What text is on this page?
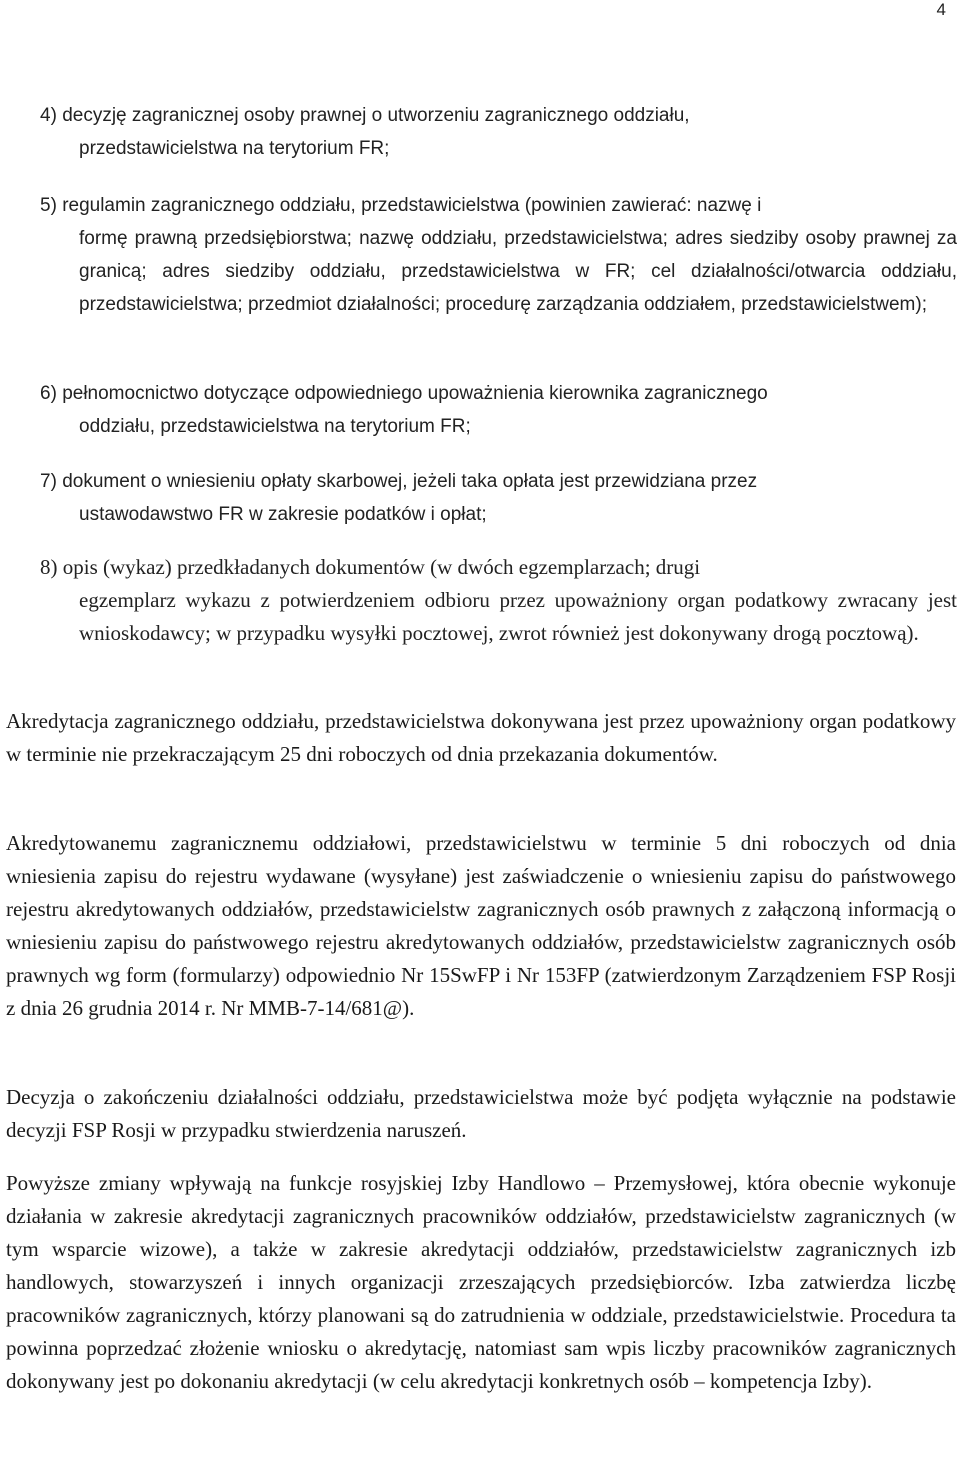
4
4) decyzję zagranicznej osoby prawnej o utworzeniu zagranicznego oddziału,
przedstawicielstwa na terytorium FR;
5) regulamin zagranicznego oddziału, przedstawicielstwa (powinien zawierać: nazwę i
formę prawną przedsiębiorstwa; nazwę oddziału, przedstawicielstwa; adres siedziby osoby prawnej za granicą; adres siedziby oddziału, przedstawicielstwa w FR; cel działalności/otwarcia oddziału, przedstawicielstwa; przedmiot działalności; procedurę zarządzania oddziałem, przedstawicielstwem);
6) pełnomocnictwo dotyczące odpowiedniego upoważnienia kierownika zagranicznego
oddziału, przedstawicielstwa na terytorium FR;
7) dokument o wniesieniu opłaty skarbowej, jeżeli taka opłata jest przewidziana przez
ustawodawstwo FR w zakresie podatków i opłat;
8) opis (wykaz) przedkładanych dokumentów (w dwóch egzemplarzach; drugi
egzemplarz wykazu z potwierdzeniem odbioru przez upoważniony organ podatkowy zwracany jest wnioskodawcy; w przypadku wysyłki pocztowej, zwrot również jest dokonywany drogą pocztową).

Akredytacja zagranicznego oddziału, przedstawicielstwa dokonywana jest przez upoważniony organ podatkowy w terminie nie przekraczającym 25 dni roboczych od dnia przekazania dokumentów.

Akredytowanemu zagranicznemu oddziałowi, przedstawicielstwu w terminie 5 dni roboczych od dnia wniesienia zapisu do rejestru wydawane (wysyłane) jest zaświadczenie o wniesieniu zapisu do państwowego rejestru akredytowanych oddziałów, przedstawicielstw zagranicznych osób prawnych z załączoną informacją o wniesieniu zapisu do państwowego rejestru akredytowanych oddziałów, przedstawicielstw zagranicznych osób prawnych wg form (formularzy) odpowiednio Nr 15SwFP i Nr 153FP (zatwierdzonym Zarządzeniem FSP Rosji z dnia 26 grudnia 2014 r. Nr MMB-7-14/681@).

Decyzja o zakończeniu działalności oddziału, przedstawicielstwa może być podjęta wyłącznie na podstawie decyzji FSP Rosji w przypadku stwierdzenia naruszeń.

Powyższe zmiany wpływają na funkcje rosyjskiej Izby Handlowo – Przemysłowej, która obecnie wykonuje działania w zakresie akredytacji zagranicznych pracowników oddziałów, przedstawicielstw zagranicznych (w tym wsparcie wizowe), a także w zakresie akredytacji oddziałów, przedstawicielstw zagranicznych izb handlowych, stowarzyszeń i innych organizacji zrzeszających przedsiębiorców. Izba zatwierdza liczbę pracowników zagranicznych, którzy planowani są do zatrudnienia w oddziale, przedstawicielstwie. Procedura ta powinna poprzedzać złożenie wniosku o akredytację, natomiast sam wpis liczby pracowników zagranicznych dokonywany jest po dokonaniu akredytacji (w celu akredytacji konkretnych osób – kompetencja Izby).
